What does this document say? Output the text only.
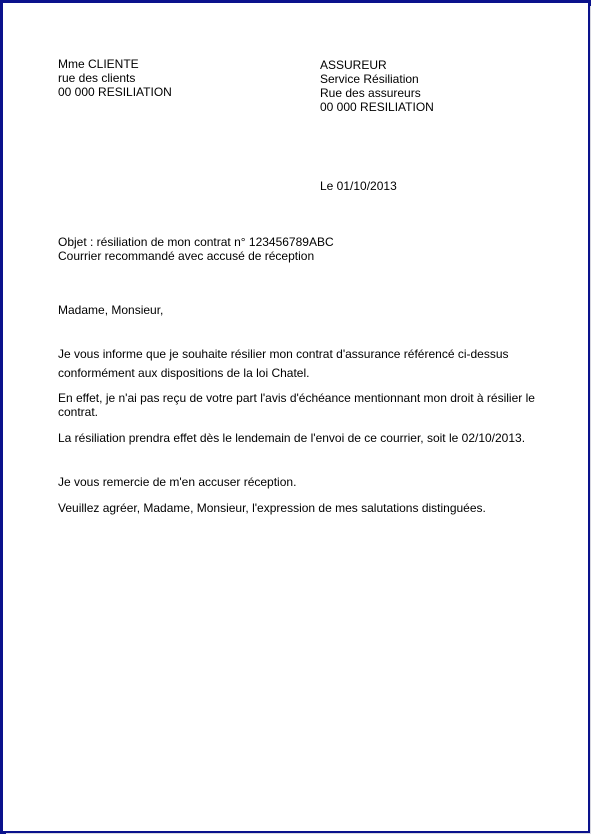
Mme CLIENTE
rue des clients
00 000 RESILIATION
ASSUREUR
Service Résiliation
Rue des assureurs
00 000 RESILIATION
Le 01/10/2013
Objet : résiliation de mon contrat n° 123456789ABC
Courrier recommandé avec accusé de réception
Madame, Monsieur,
Je vous informe que je souhaite résilier mon contrat d'assurance référencé ci-dessus
conformément aux dispositions de la loi Chatel.
En effet, je n'ai pas reçu de votre part l'avis d'échéance mentionnant mon droit à résilier le
contrat.
La résiliation prendra effet dès le lendemain de l'envoi de ce courrier, soit le 02/10/2013.
Je vous remercie de m'en accuser réception.
Veuillez agréer, Madame, Monsieur, l'expression de mes salutations distinguées.
